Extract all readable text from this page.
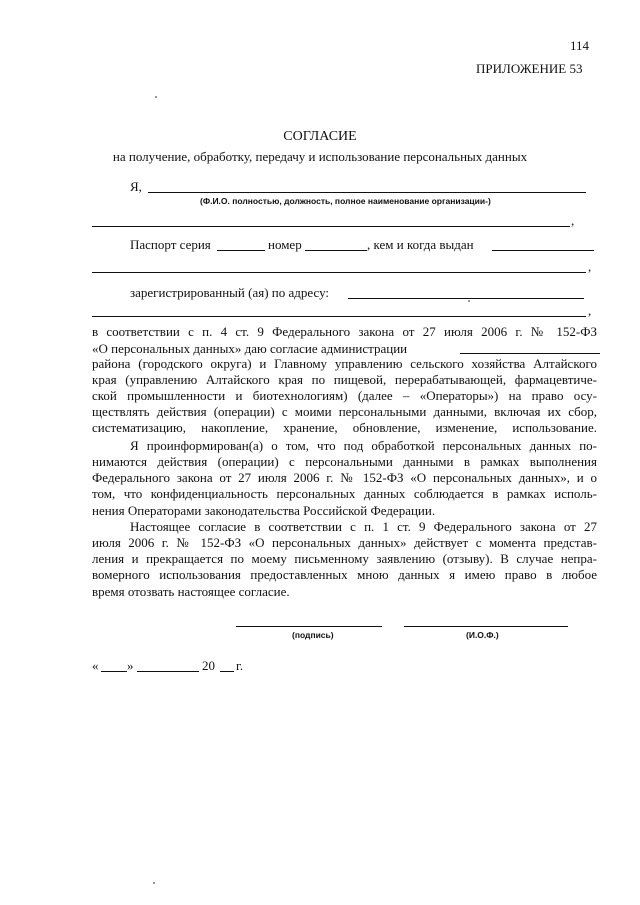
114
ПРИЛОЖЕНИЕ 53
СОГЛАСИЕ
на получение, обработку, передачу и использование персональных данных
Я,
(Ф.И.О. полностью, должность, полное наименование организации-)
,
Паспорт серия	номер	, кем и когда выдан
,
зарегистрированный (ая) по адресу:
,
в соответствии с п. 4 ст. 9 Федерального закона от 27 июля 2006 г. № 152-ФЗ
«О персональных данных» даю согласие администрации
района (городского округа) и Главному управлению сельского хозяйства Алтайского
края (управлению Алтайского края по пищевой, перерабатывающей, фармацевтиче-
ской промышленности и биотехнологиям) (далее – «Операторы») на право осу-
ществлять действия (операции) с моими персональными данными, включая их сбор,
систематизацию, накопление, хранение, обновление, изменение, использование.
Я проинформирован(а) о том, что под обработкой персональных данных по-
нимаются действия (операции) с персональными данными в рамках выполнения
Федерального закона от 27 июля 2006 г. № 152-ФЗ «О персональных данных», и о
том, что конфиденциальность персональных данных соблюдается в рамках исполь-
нения Операторами законодательства Российской Федерации.
Настоящее согласие в соответствии с п. 1 ст. 9 Федерального закона от 27
июля 2006 г. № 152-ФЗ «О персональных данных» действует с момента представ-
ления и прекращается по моему письменному заявлению (отзыву). В случае непра-
вомерного использования предоставленных мною данных я имею право в любое
время отозвать настоящее согласие.
(подпись)	(И.О.Ф.)
« »	20 г.
